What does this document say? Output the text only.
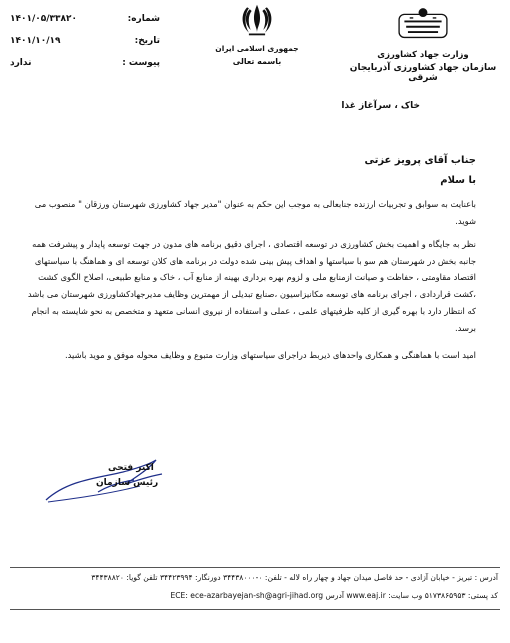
شماره:
۱۴۰۱/۰۵/۳۳۸۲۰
تاریخ:
۱۴۰۱/۱۰/۱۹
پیوست :
ندارد
جمهوری اسلامی ایران
باسمه تعالی
وزارت جهاد کشاورزی
سازمان جهاد کشاورزی آذربایجان شرقی
خاک ، سرآغاز غذا
جناب آقای پرویز عزتی
با سلام
باعنایت به سوابق و تجربیات ارزنده جنابعالی به موجب این حکم به عنوان "مدیر جهاد کشاورزی شهرستان ورزقان " منصوب می شوید.
نظر به جایگاه و اهمیت بخش کشاورزی در توسعه اقتصادی ، اجرای دقیق برنامه های مدون در جهت توسعه پایدار و پیشرفت همه جانبه بخش در شهرستان هم سو با سیاستها و اهداف پیش بینی شده دولت در برنامه های کلان توسعه ای و هماهنگ با سیاستهای اقتصاد مقاومتی ، حفاظت و صیانت ازمنابع ملی و لزوم بهره برداری بهینه از منابع آب ، خاک و منابع طبیعی، اصلاح الگوی کشت ،کشت قراردادی ، اجرای برنامه های توسعه مکانیزاسیون ،صنایع تبدیلی از مهمترین وظایف مدیرجهادکشاورزی شهرستان می باشد که انتظار دارد با بهره گیری از کلیه ظرفیتهای علمی ، عملی و استفاده از نیروی انسانی متعهد و متخصص به نحو شایسته به انجام برسد.
امید است با هماهنگی و همکاری واحدهای ذیربط دراجرای سیاستهای وزارت متبوع و وظایف محوله موفق و موید باشید.
اکبر فتحی
رئیس سازمان
آدرس : تبریز - خیابان آزادی - حد فاصل میدان جهاد و چهار راه لاله - تلفن: ۰-۳۴۴۳۸۰۰۰ دورنگار: ۳۴۴۲۳۹۹۴ تلفن گویا: ۳۴۴۳۸۸۲۰
کد پستی: ۵۱۷۳۸۶۵۹۵۳ وب سایت: www.eaj.ir آدرس ECE: ece-azarbayejan-sh@agri-jihad.org
